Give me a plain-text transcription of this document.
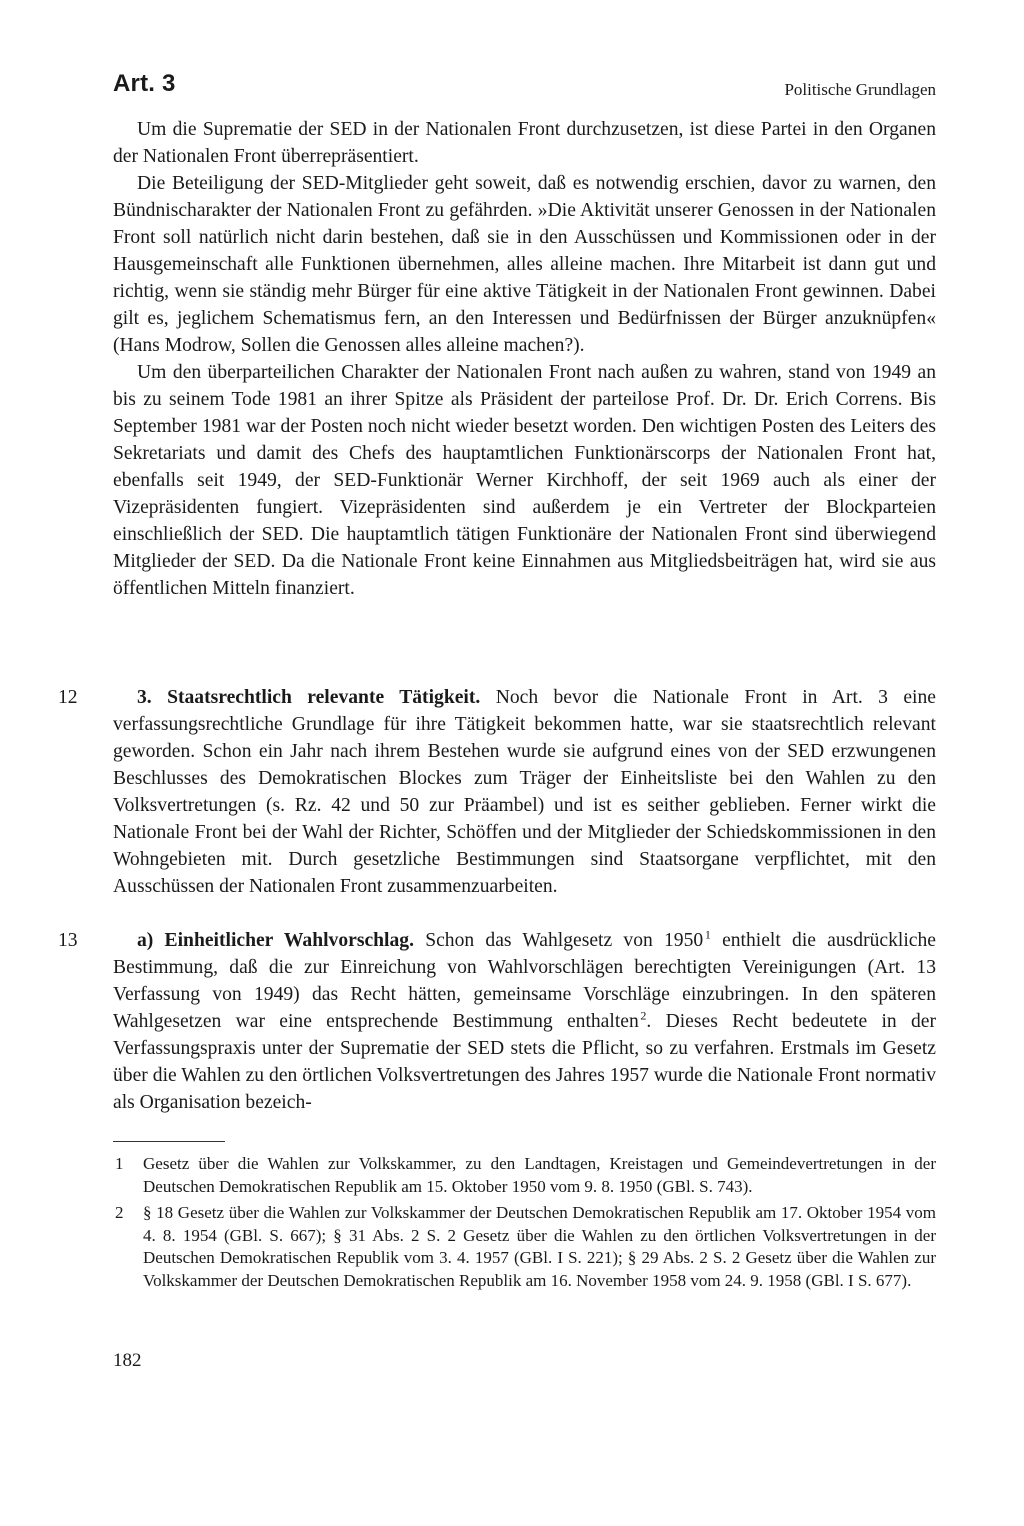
Art. 3	Politische Grundlagen

Um die Suprematie der SED in der Nationalen Front durchzusetzen, ist diese Partei in den Organen der Nationalen Front überrepräsentiert.

Die Beteiligung der SED-Mitglieder geht soweit, daß es notwendig erschien, davor zu warnen, den Bündnischarakter der Nationalen Front zu gefährden. »Die Aktivität unserer Genossen in der Nationalen Front soll natürlich nicht darin bestehen, daß sie in den Ausschüssen und Kommissionen oder in der Hausgemeinschaft alle Funktionen übernehmen, alles alleine machen. Ihre Mitarbeit ist dann gut und richtig, wenn sie ständig mehr Bürger für eine aktive Tätigkeit in der Nationalen Front gewinnen. Dabei gilt es, jeglichem Schematismus fern, an den Interessen und Bedürfnissen der Bürger anzuknüpfen« (Hans Modrow, Sollen die Genossen alles alleine machen?).

Um den überparteilichen Charakter der Nationalen Front nach außen zu wahren, stand von 1949 an bis zu seinem Tode 1981 an ihrer Spitze als Präsident der parteilose Prof. Dr. Dr. Erich Correns. Bis September 1981 war der Posten noch nicht wieder besetzt worden. Den wichtigen Posten des Leiters des Sekretariats und damit des Chefs des hauptamtlichen Funktionärscorps der Nationalen Front hat, ebenfalls seit 1949, der SED-Funktionär Werner Kirchhoff, der seit 1969 auch als einer der Vizepräsidenten fungiert. Vizepräsidenten sind außerdem je ein Vertreter der Blockparteien einschließlich der SED. Die hauptamtlich tätigen Funktionäre der Nationalen Front sind überwiegend Mitglieder der SED. Da die Nationale Front keine Einnahmen aus Mitgliedsbeiträgen hat, wird sie aus öffentlichen Mitteln finanziert.

12	3. Staatsrechtlich relevante Tätigkeit. Noch bevor die Nationale Front in Art. 3 eine verfassungsrechtliche Grundlage für ihre Tätigkeit bekommen hatte, war sie staatsrechtlich relevant geworden. Schon ein Jahr nach ihrem Bestehen wurde sie aufgrund eines von der SED erzwungenen Beschlusses des Demokratischen Blockes zum Träger der Einheitsliste bei den Wahlen zu den Volksvertretungen (s. Rz. 42 und 50 zur Präambel) und ist es seither geblieben. Ferner wirkt die Nationale Front bei der Wahl der Richter, Schöffen und der Mitglieder der Schiedskommissionen in den Wohngebieten mit. Durch gesetzliche Bestimmungen sind Staatsorgane verpflichtet, mit den Ausschüssen der Nationalen Front zusammenzuarbeiten.

13	a) Einheitlicher Wahlvorschlag. Schon das Wahlgesetz von 1950  $^1$ enthielt die ausdrückliche Bestimmung, daß die zur Einreichung von Wahlvorschlägen berechtigten Vereinigungen (Art. 13 Verfassung von 1949) das Recht hätten, gemeinsame Vorschläge einzubringen. In den späteren Wahlgesetzen war eine entsprechende Bestimmung enthalten  $^2$. Dieses Recht bedeutete in der Verfassungspraxis unter der Suprematie der SED stets die Pflicht, so zu verfahren. Erstmals im Gesetz über die Wahlen zu den örtlichen Volksvertretungen des Jahres 1957 wurde die Nationale Front normativ als Organisation bezeich-

1 Gesetz über die Wahlen zur Volkskammer, zu den Landtagen, Kreistagen und Gemeindevertretungen in der Deutschen Demokratischen Republik am 15. Oktober 1950 vom 9. 8. 1950 (GBl. S. 743).
2 § 18 Gesetz über die Wahlen zur Volkskammer der Deutschen Demokratischen Republik am 17. Oktober 1954 vom 4. 8. 1954 (GBl. S. 667); § 31 Abs. 2 S. 2 Gesetz über die Wahlen zu den örtlichen Volksvertretungen in der Deutschen Demokratischen Republik vom 3. 4. 1957 (GBl. I S. 221); § 29 Abs. 2 S. 2 Gesetz über die Wahlen zur Volkskammer der Deutschen Demokratischen Republik am 16. November 1958 vom 24. 9. 1958 (GBl. I S. 677).
182
